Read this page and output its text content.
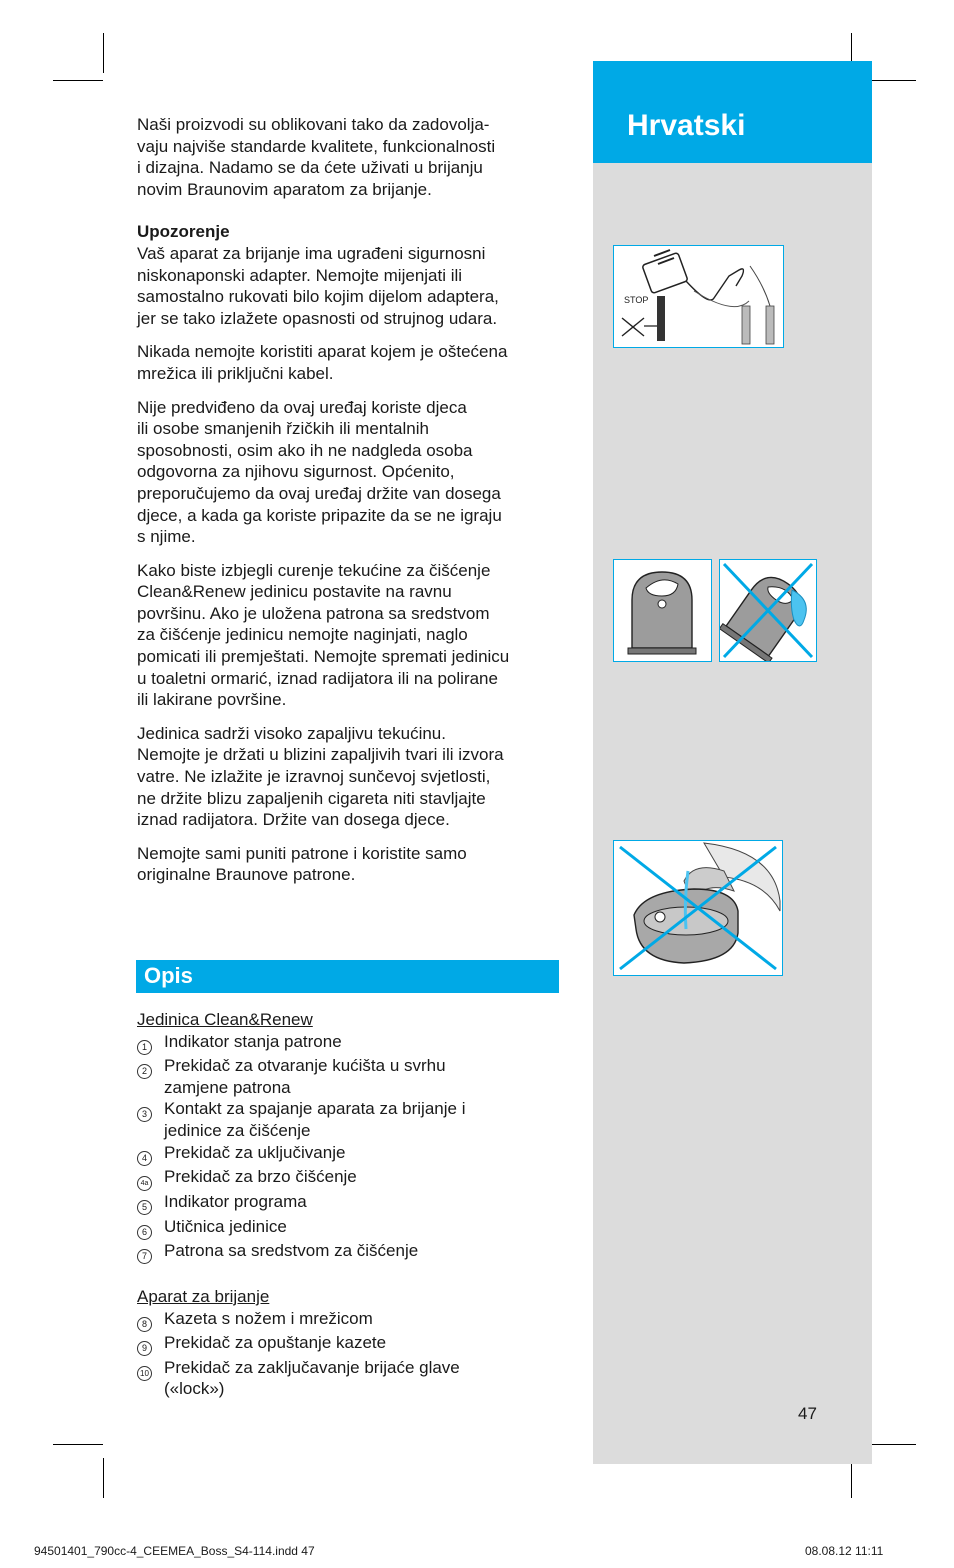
Hrvatski

Naši proizvodi su oblikovani tako da zadovolja-
vaju najviše standarde kvalitete, funkcionalnosti
i dizajna. Nadamo se da ćete uživati u brijanju
novim Braunovim aparatom za brijanje.

Upozorenje

Vaš aparat za brijanje ima ugrađeni sigurnosni
niskonaponski adapter. Nemojte mijenjati ili
samostalno rukovati bilo kojim dijelom adaptera,
jer se tako izlažete opasnosti od strujnog udara.

Nikada nemojte koristiti aparat kojem je oštećena
mrežica ili priključni kabel.

Nije predviđeno da ovaj uređaj koriste djeca
ili osobe smanjenih řzičkih ili mentalnih
sposobnosti, osim ako ih ne nadgleda osoba
odgovorna za njihovu sigurnost. Općenito,
preporučujemo da ovaj uređaj držite van dosega
djece, a kada ga koriste pripazite da se ne igraju
s njime.

Kako biste izbjegli curenje tekućine za čišćenje
Clean&Renew jedinicu postavite na ravnu
površinu. Ako je uložena patrona sa sredstvom
za čišćenje jedinicu nemojte naginjati, naglo
pomicati ili premještati. Nemojte spremati jedinicu
u toaletni ormarić, iznad radijatora ili na polirane
ili lakirane površine.

Jedinica sadrži visoko zapaljivu tekućinu.
Nemojte je držati u blizini zapaljivih tvari ili izvora
vatre. Ne izlažite je izravnoj sunčevoj svjetlosti,
ne držite blizu zapaljenih cigareta niti stavljajte
iznad radijatora. Držite van dosega djece.

Nemojte sami puniti patrone i koristite samo
originalne Braunove patrone.

Opis
Jedinica Clean&Renew
1	Indikator stanja patrone
2	Prekidač za otvaranje kućišta u svrhu
zamjene patrona
3	Kontakt za spajanje aparata za brijanje i
jedinice za čišćenje
4	Prekidač za uključivanje
4a Prekidač za brzo čišćenje
5	Indikator programa
6	Utičnica jedinice
7	Patrona sa sredstvom za čišćenje
Aparat za brijanje
8	Kazeta s nožem i mrežicom
9	Prekidač za opuštanje kazete
10 Prekidač za zaključavanje brijaće glave
(«lock»)
STOP
47
94501401_790cc-4_CEEMEA_Boss_S4-114.indd 47	08.08.12 11:11
